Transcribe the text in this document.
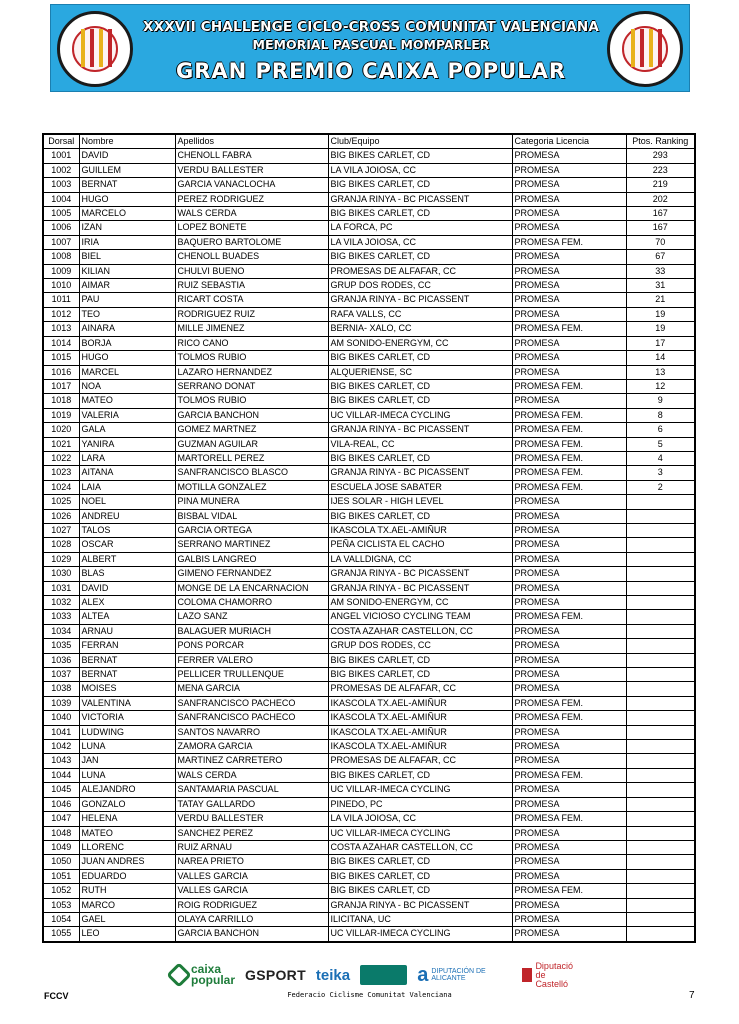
XXXVII CHALLENGE CICLO-CROSS COMUNITAT VALENCIANA
MEMORIAL PASCUAL MOMPARLER
GRAN PREMIO CAIXA POPULAR
Dorsal	Nombre	Apellidos	Club/Equipo	Categoria Licencia	Ptos. Ranking
1001	DAVID	CHENOLL FABRA	BIG BIKES CARLET, CD	PROMESA	293
1002	GUILLEM	VERDU BALLESTER	LA VILA JOIOSA, CC	PROMESA	223
1003	BERNAT	GARCIA VANACLOCHA	BIG BIKES CARLET, CD	PROMESA	219
1004	HUGO	PEREZ RODRIGUEZ	GRANJA RINYA - BC PICASSENT	PROMESA	202
1005	MARCELO	WALS CERDA	BIG BIKES CARLET, CD	PROMESA	167
1006	IZAN	LOPEZ BONETE	LA FORCA, PC	PROMESA	167
1007	IRIA	BAQUERO BARTOLOME	LA VILA JOIOSA, CC	PROMESA FEM.	70
1008	BIEL	CHENOLL BUADES	BIG BIKES CARLET, CD	PROMESA	67
1009	KILIAN	CHULVI BUENO	PROMESAS DE ALFAFAR, CC	PROMESA	33
1010	AIMAR	RUIZ SEBASTIA	GRUP DOS RODES, CC	PROMESA	31
1011	PAU	RICART COSTA	GRANJA RINYA - BC PICASSENT	PROMESA	21
1012	TEO	RODRIGUEZ RUIZ	RAFA VALLS, CC	PROMESA	19
1013	AINARA	MILLE JIMENEZ	BERNIA- XALO, CC	PROMESA FEM.	19
1014	BORJA	RICO CANO	AM SONIDO-ENERGYM, CC	PROMESA	17
1015	HUGO	TOLMOS RUBIO	BIG BIKES CARLET, CD	PROMESA	14
1016	MARCEL	LAZARO HERNANDEZ	ALQUERIENSE, SC	PROMESA	13
1017	NOA	SERRANO DONAT	BIG BIKES CARLET, CD	PROMESA FEM.	12
1018	MATEO	TOLMOS RUBIO	BIG BIKES CARLET, CD	PROMESA	9
1019	VALERIA	GARCIA BANCHON	UC VILLAR-IMECA CYCLING	PROMESA FEM.	8
1020	GALA	GOMEZ MARTNEZ	GRANJA RINYA - BC PICASSENT	PROMESA FEM.	6
1021	YANIRA	GUZMAN AGUILAR	VILA-REAL, CC	PROMESA FEM.	5
1022	LARA	MARTORELL PEREZ	BIG BIKES CARLET, CD	PROMESA FEM.	4
1023	AITANA	SANFRANCISCO BLASCO	GRANJA RINYA - BC PICASSENT	PROMESA FEM.	3
1024	LAIA	MOTILLA GONZALEZ	ESCUELA JOSE SABATER	PROMESA FEM.	2
1025	NOEL	PINA MUNERA	IJES SOLAR - HIGH LEVEL	PROMESA	
1026	ANDREU	BISBAL VIDAL	BIG BIKES CARLET, CD	PROMESA	
1027	TALOS	GARCIA ORTEGA	IKASCOLA TX.AEL-AMIÑUR	PROMESA	
1028	OSCAR	SERRANO MARTINEZ	PEÑA CICLISTA EL CACHO	PROMESA	
1029	ALBERT	GALBIS LANGREO	LA VALLDIGNA, CC	PROMESA	
1030	BLAS	GIMENO FERNANDEZ	GRANJA RINYA - BC PICASSENT	PROMESA	
1031	DAVID	MONGE DE LA ENCARNACION	GRANJA RINYA - BC PICASSENT	PROMESA	
1032	ALEX	COLOMA CHAMORRO	AM SONIDO-ENERGYM, CC	PROMESA	
1033	ALTEA	LAZO SANZ	ANGEL VICIOSO CYCLING TEAM	PROMESA FEM.	
1034	ARNAU	BALAGUER MURIACH	COSTA AZAHAR CASTELLON, CC	PROMESA	
1035	FERRAN	PONS PORCAR	GRUP DOS RODES, CC	PROMESA	
1036	BERNAT	FERRER VALERO	BIG BIKES CARLET, CD	PROMESA	
1037	BERNAT	PELLICER TRULLENQUE	BIG BIKES CARLET, CD	PROMESA	
1038	MOISES	MENA GARCIA	PROMESAS DE ALFAFAR, CC	PROMESA	
1039	VALENTINA	SANFRANCISCO PACHECO	IKASCOLA TX.AEL-AMIÑUR	PROMESA FEM.	
1040	VICTORIA	SANFRANCISCO PACHECO	IKASCOLA TX.AEL-AMIÑUR	PROMESA FEM.	
1041	LUDWING	SANTOS NAVARRO	IKASCOLA TX.AEL-AMIÑUR	PROMESA	
1042	LUNA	ZAMORA GARCIA	IKASCOLA TX.AEL-AMIÑUR	PROMESA	
1043	JAN	MARTINEZ CARRETERO	PROMESAS DE ALFAFAR, CC	PROMESA	
1044	LUNA	WALS CERDA	BIG BIKES CARLET, CD	PROMESA FEM.	
1045	ALEJANDRO	SANTAMARIA PASCUAL	UC VILLAR-IMECA CYCLING	PROMESA	
1046	GONZALO	TATAY GALLARDO	PINEDO, PC	PROMESA	
1047	HELENA	VERDU BALLESTER	LA VILA JOIOSA, CC	PROMESA FEM.	
1048	MATEO	SANCHEZ PEREZ	UC VILLAR-IMECA CYCLING	PROMESA	
1049	LLORENC	RUIZ ARNAU	COSTA AZAHAR CASTELLON, CC	PROMESA	
1050	JUAN ANDRES	NAREA PRIETO	BIG BIKES CARLET, CD	PROMESA	
1051	EDUARDO	VALLES GARCIA	BIG BIKES CARLET, CD	PROMESA	
1052	RUTH	VALLES GARCIA	BIG BIKES CARLET, CD	PROMESA FEM.	
1053	MARCO	ROIG RODRIGUEZ	GRANJA RINYA - BC PICASSENT	PROMESA	
1054	GAEL	OLAYA CARRILLO	ILICITANA, UC	PROMESA	
1055	LEO	GARCIA BANCHON	UC VILLAR-IMECA CYCLING	PROMESA	
caixa
popular GSPORT teika	a DIPUTACIÓN DE ALICANTE
Diputació
de Castelló
FCCV	Federacio Ciclisme Comunitat Valenciana	7
